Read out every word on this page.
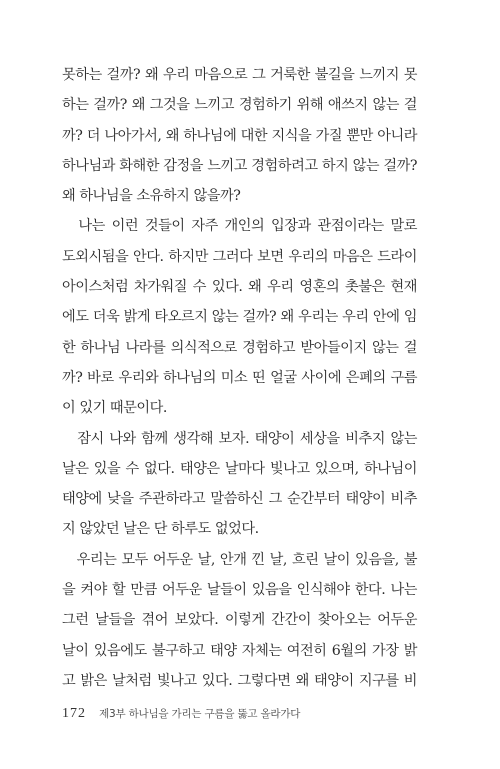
못하는 걸까? 왜 우리 마음으로 그 거룩한 불길을 느끼지 못
하는 걸까? 왜 그것을 느끼고 경험하기 위해 애쓰지 않는 걸
까? 더 나아가서, 왜 하나님에 대한 지식을 가질 뿐만 아니라
하나님과 화해한 감정을 느끼고 경험하려고 하지 않는 걸까?
왜 하나님을 소유하지 않을까?
　나는 이런 것들이 자주 개인의 입장과 관점이라는 말로
도외시됨을 안다. 하지만 그러다 보면 우리의 마음은 드라이
아이스처럼 차가워질 수 있다. 왜 우리 영혼의 촛불은 현재
에도 더욱 밝게 타오르지 않는 걸까? 왜 우리는 우리 안에 임
한 하나님 나라를 의식적으로 경험하고 받아들이지 않는 걸
까? 바로 우리와 하나님의 미소 띤 얼굴 사이에 은폐의 구름
이 있기 때문이다.
　잠시 나와 함께 생각해 보자. 태양이 세상을 비추지 않는
날은 있을 수 없다. 태양은 날마다 빛나고 있으며, 하나님이
태양에 낮을 주관하라고 말씀하신 그 순간부터 태양이 비추
지 않았던 날은 단 하루도 없었다.
　우리는 모두 어두운 날, 안개 낀 날, 흐린 날이 있음을, 불
을 켜야 할 만큼 어두운 날들이 있음을 인식해야 한다. 나는
그런 날들을 겪어 보았다. 이렇게 간간이 찾아오는 어두운
날이 있음에도 불구하고 태양 자체는 여전히 6월의 가장 밝
고 밝은 날처럼 빛나고 있다. 그렇다면 왜 태양이 지구를 비
172 제3부 하나님을 가리는 구름을 뚫고 올라가다
